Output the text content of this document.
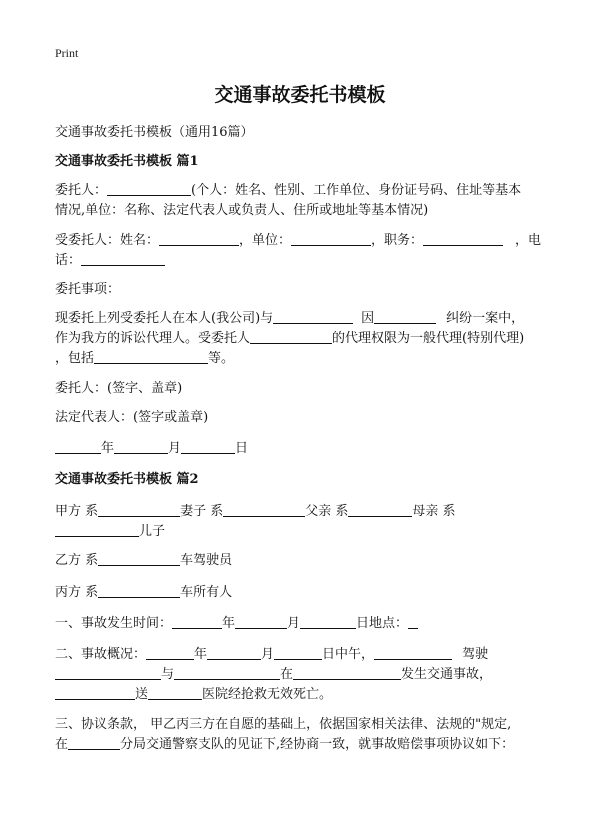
Print
交通事故委托书模板
交通事故委托书模板（通用16篇）
交通事故委托书模板 篇1
委托人：	(个人：姓名、性别、工作单位、身份证号码、住址等基本
情况,单位：名称、法定代表人或负责人、住所或地址等基本情况)
受委托人：姓名：	，单位：	，职务：	，电
话：
委托事项：
现委托上列受委托人在本人(我公司)与	因	纠纷一案中，
作为我方的诉讼代理人。受委托人	的代理权限为一般代理(特别代理)
，包括	等。
委托人：(签字、盖章)
法定代表人：(签字或盖章)
年	月	日
交通事故委托书模板 篇2
甲方 系	妻子 系	父亲 系	母亲 系
儿子
乙方 系	车驾驶员
丙方 系	车所有人
一、事故发生时间：	年	月	日地点：
二、事故概况：	年	月	日中午，	驾驶
与	在	发生交通事故，
送	医院经抢救无效死亡。
三、协议条款， 甲乙丙三方在自愿的基础上，依据国家相关法律、法规的"规定,
在	分局交通警察支队的见证下,经协商一致，就事故赔偿事项协议如下：
